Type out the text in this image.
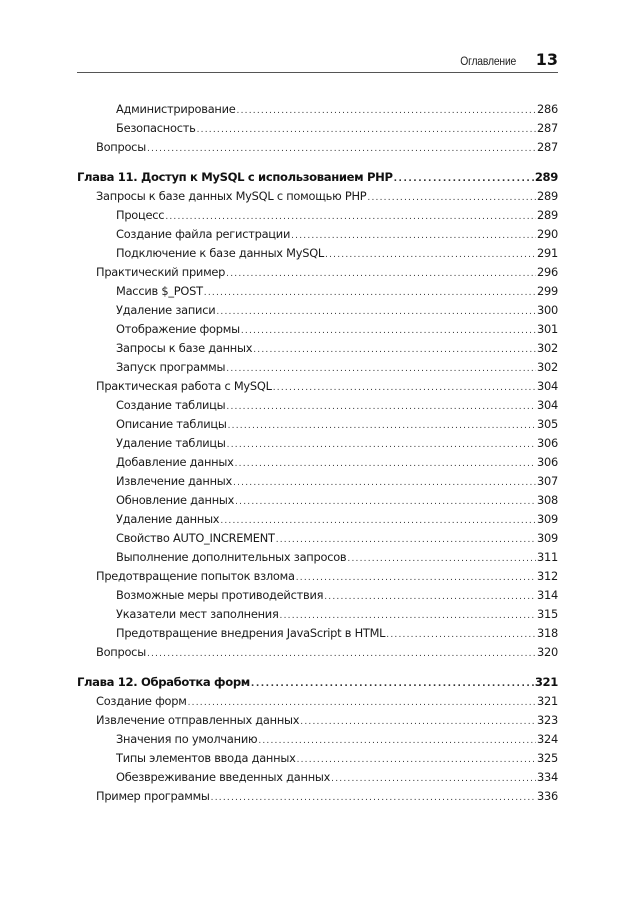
Оглавление 13
Администрирование .....	286
Безопасность .....	287
Вопросы .....	287
Глава 11. Доступ к MySQL с использованием PHP .....	289
Запросы к базе данных MySQL с помощью PHP .....	289
Процесс .....	289
Создание файла регистрации .....	290
Подключение к базе данных MySQL .....	291
Практический пример .....	296
Массив $_POST .....	299
Удаление записи .....	300
Отображение формы .....	301
Запросы к базе данных .....	302
Запуск программы .....	302
Практическая работа с MySQL .....	304
Создание таблицы .....	304
Описание таблицы .....	305
Удаление таблицы .....	306
Добавление данных .....	306
Извлечение данных .....	307
Обновление данных .....	308
Удаление данных .....	309
Свойство AUTO_INCREMENT .....	309
Выполнение дополнительных запросов .....	311
Предотвращение попыток взлома .....	312
Возможные меры противодействия .....	314
Указатели мест заполнения .....	315
Предотвращение внедрения JavaScript в HTML .....	318
Вопросы .....	320
Глава 12. Обработка форм .....	321
Создание форм .....	321
Извлечение отправленных данных .....	323
Значения по умолчанию .....	324
Типы элементов ввода данных .....	325
Обезвреживание введенных данных .....	334
Пример программы .....	336
